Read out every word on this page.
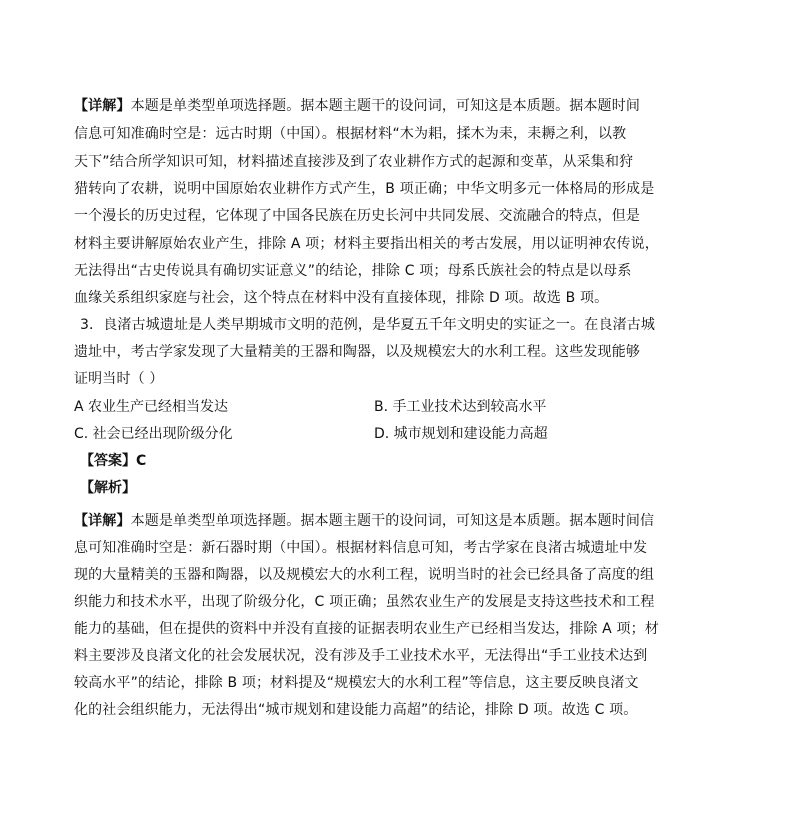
【详解】本题是单类型单项选择题。据本题主题干的设问词，可知这是本质题。据本题时间
信息可知准确时空是：远古时期（中国）。根据材料“木为耜，揉木为耒，耒耨之利，以教
天下”结合所学知识可知，材料描述直接涉及到了农业耕作方式的起源和变革，从采集和狩
猎转向了农耕，说明中国原始农业耕作方式产生，B 项正确；中华文明多元一体格局的形成是
一个漫长的历史过程，它体现了中国各民族在历史长河中共同发展、交流融合的特点，但是
材料主要讲解原始农业产生，排除 A 项；材料主要指出相关的考古发展，用以证明神农传说，
无法得出“古史传说具有确切实证意义”的结论，排除 C 项；母系氏族社会的特点是以母系
血缘关系组织家庭与社会，这个特点在材料中没有直接体现，排除 D 项。故选 B 项。
3．良渚古城遗址是人类早期城市文明的范例，是华夏五千年文明史的实证之一。在良渚古城
遗址中，考古学家发现了大量精美的王器和陶器，以及规模宏大的水利工程。这些发现能够
证明当时（ ）
A 农业生产已经相当发达	B. 手工业技术达到较高水平
C. 社会已经出现阶级分化	D. 城市规划和建设能力高超
【答案】C
【解析】
【详解】本题是单类型单项选择题。据本题主题干的设问词，可知这是本质题。据本题时间信
息可知准确时空是：新石器时期（中国）。根据材料信息可知，考古学家在良渚古城遗址中发
现的大量精美的玉器和陶器，以及规模宏大的水利工程，说明当时的社会已经具备了高度的组
织能力和技术水平，出现了阶级分化，C 项正确；虽然农业生产的发展是支持这些技术和工程
能力的基础，但在提供的资料中并没有直接的证据表明农业生产已经相当发达，排除 A 项；材
料主要涉及良渚文化的社会发展状况，没有涉及手工业技术水平，无法得出“手工业技术达到
较高水平”的结论，排除 B 项；材料提及“规模宏大的水利工程”等信息，这主要反映良渚文
化的社会组织能力，无法得出“城市规划和建设能力高超”的结论，排除 D 项。故选 C 项。
